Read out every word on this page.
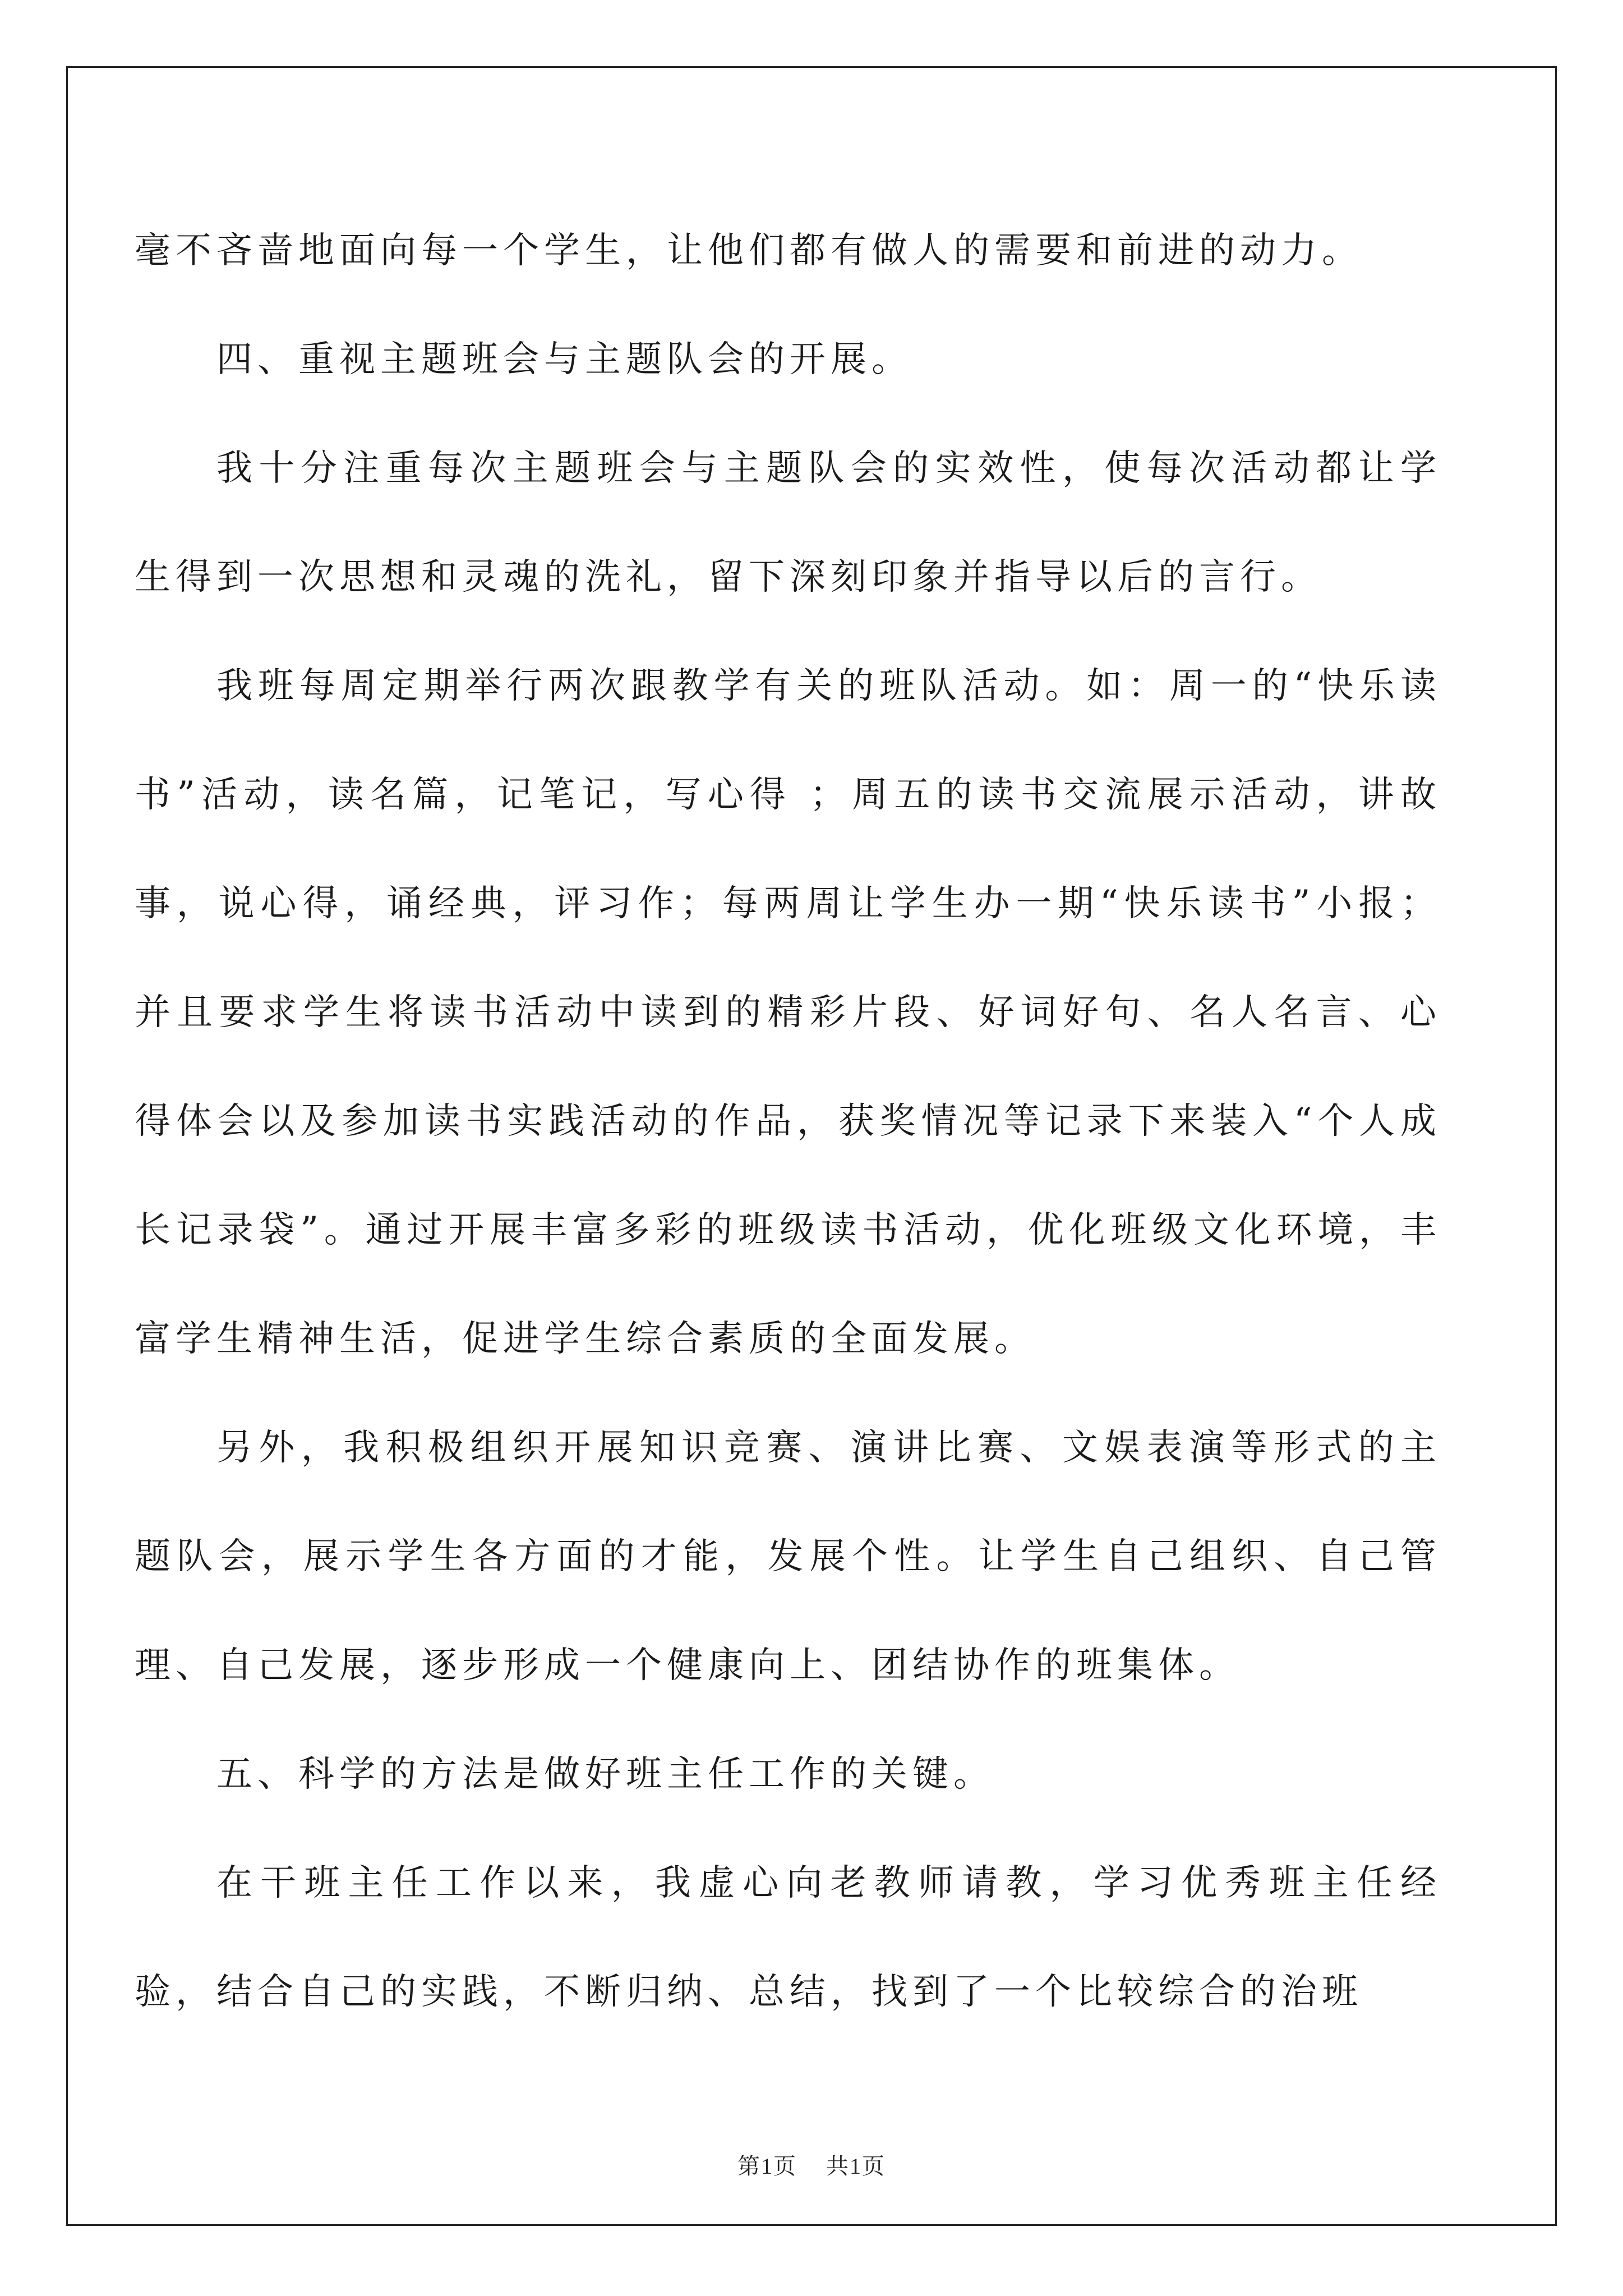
毫不吝啬地面向每一个学生，让他们都有做人的需要和前进的动力。

四、重视主题班会与主题队会的开展。

我十分注重每次主题班会与主题队会的实效性，使每次活动都让学生得到一次思想和灵魂的洗礼，留下深刻印象并指导以后的言行。

我班每周定期举行两次跟教学有关的班队活动。如：周一的“快乐读书”活动，读名篇，记笔记，写心得 ；周五的读书交流展示活动，讲故事，说心得，诵经典，评习作；每两周让学生办一期“快乐读书”小报；并且要求学生将读书活动中读到的精彩片段、好词好句、名人名言、心得体会以及参加读书实践活动的作品，获奖情况等记录下来装入“个人成长记录袋”。通过开展丰富多彩的班级读书活动，优化班级文化环境，丰富学生精神生活，促进学生综合素质的全面发展。

另外，我积极组织开展知识竞赛、演讲比赛、文娱表演等形式的主题队会，展示学生各方面的才能，发展个性。让学生自己组织、自己管理、自己发展，逐步形成一个健康向上、团结协作的班集体。

五、科学的方法是做好班主任工作的关键。

在干班主任工作以来，我虚心向老教师请教，学习优秀班主任经验，结合自己的实践，不断归纳、总结，找到了一个比较综合的治班

第1页 共1页
